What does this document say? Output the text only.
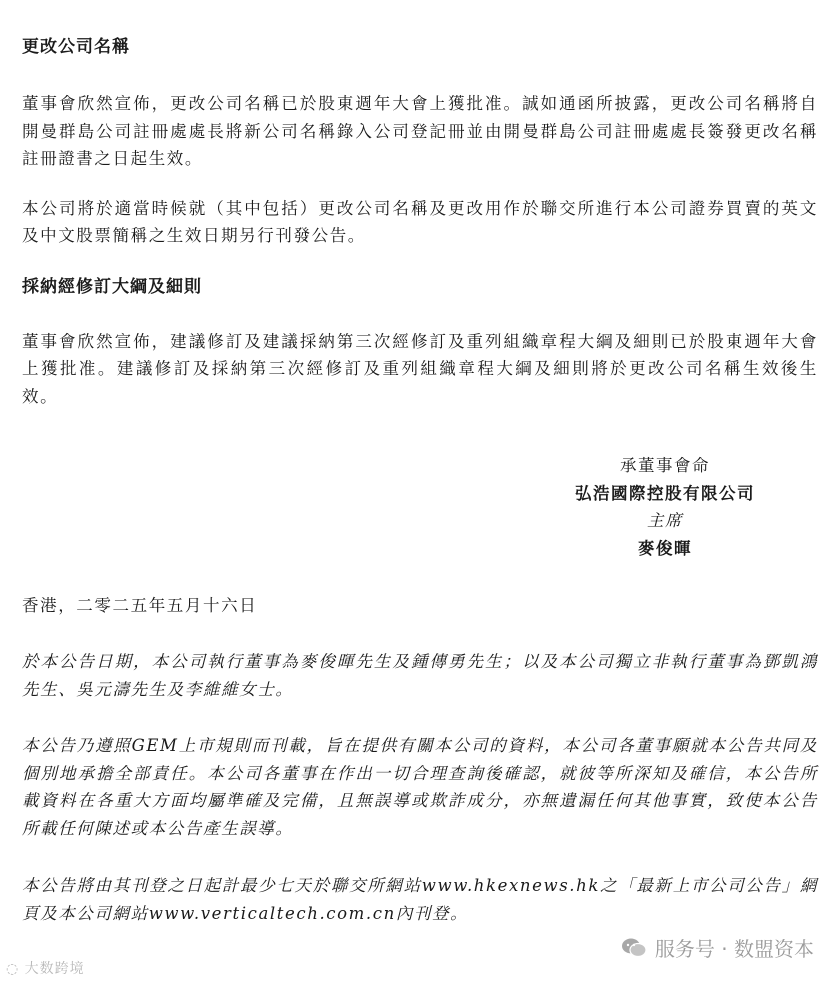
更改公司名稱

董事會欣然宣佈，更改公司名稱已於股東週年大會上獲批准。誠如通函所披露，更改公司名稱將自開曼群島公司註冊處處長將新公司名稱錄入公司登記冊並由開曼群島公司註冊處處長簽發更改名稱註冊證書之日起生效。

本公司將於適當時候就（其中包括）更改公司名稱及更改用作於聯交所進行本公司證券買賣的英文及中文股票簡稱之生效日期另行刊發公告。

採納經修訂大綱及細則

董事會欣然宣佈，建議修訂及建議採納第三次經修訂及重列組織章程大綱及細則已於股東週年大會上獲批准。建議修訂及採納第三次經修訂及重列組織章程大綱及細則將於更改公司名稱生效後生效。

承董事會命
弘浩國際控股有限公司
主席
麥俊暉
香港，二零二五年五月十六日
於本公告日期，本公司執行董事為麥俊暉先生及鍾傳勇先生；以及本公司獨立非執行董事為鄧凱鴻先生、吳元濤先生及李維維女士。
本公告乃遵照GEM上市規則而刊載，旨在提供有關本公司的資料，本公司各董事願就本公告共同及個別地承擔全部責任。本公司各董事在作出一切合理查詢後確認，就彼等所深知及確信，本公告所載資料在各重大方面均屬準確及完備，且無誤導或欺詐成分，亦無遺漏任何其他事實，致使本公告所載任何陳述或本公告產生誤導。
本公告將由其刊登之日起計最少七天於聯交所網站www.hkexnews.hk之「最新上市公司公告」網頁及本公司網站www.verticaltech.com.cn內刊登。
服务号 · 数盟资本
◌ 大数跨境
